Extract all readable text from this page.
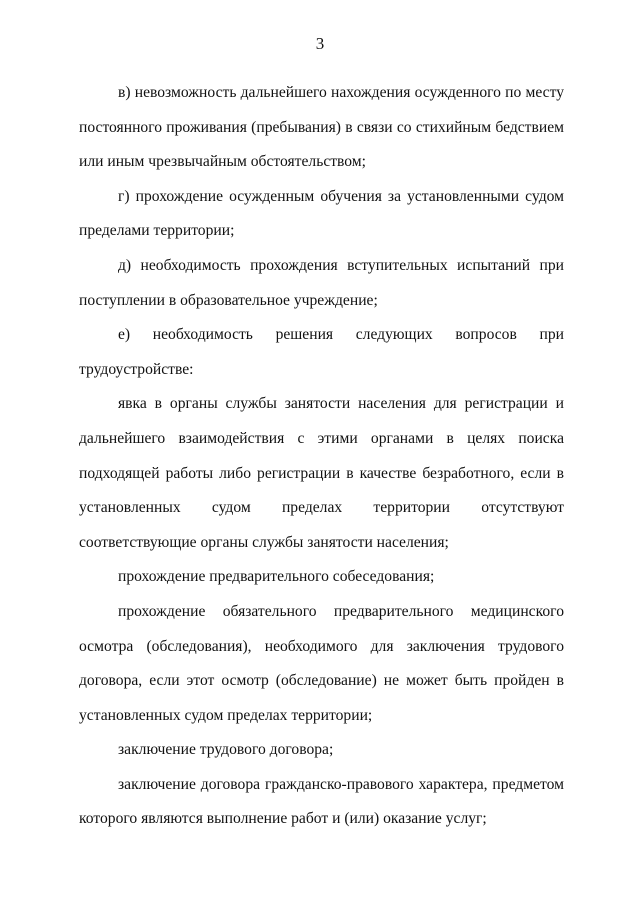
3

в) невозможность дальнейшего нахождения осужденного по месту постоянного проживания (пребывания) в связи со стихийным бедствием или иным чрезвычайным обстоятельством;

г) прохождение осужденным обучения за установленными судом пределами территории;

д) необходимость прохождения вступительных испытаний при поступлении в образовательное учреждение;

е) необходимость решения следующих вопросов при трудоустройстве:

явка в органы службы занятости населения для регистрации и дальнейшего взаимодействия с этими органами в целях поиска подходящей работы либо регистрации в качестве безработного, если в установленных судом пределах территории отсутствуют соответствующие органы службы занятости населения;

прохождение предварительного собеседования;

прохождение обязательного предварительного медицинского осмотра (обследования), необходимого для заключения трудового договора, если этот осмотр (обследование) не может быть пройден в установленных судом пределах территории;

заключение трудового договора;

заключение договора гражданско-правового характера, предметом которого являются выполнение работ и (или) оказание услуг;
